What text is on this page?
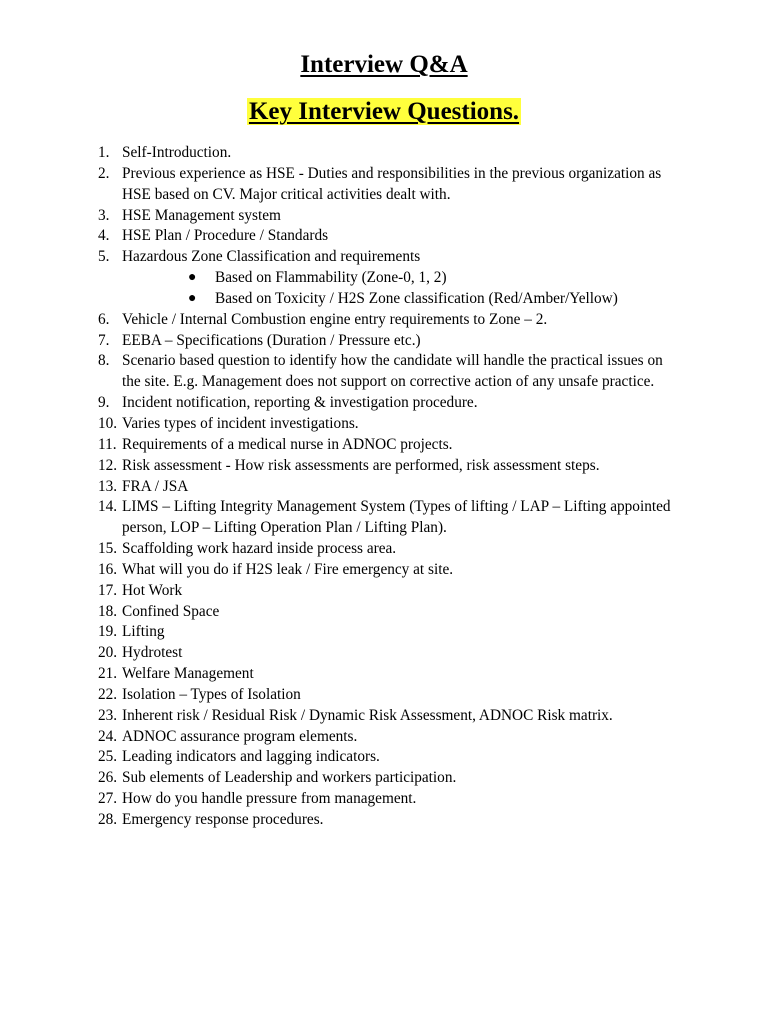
Interview Q&A
Key Interview Questions.
1. Self-Introduction.
2. Previous experience as HSE - Duties and responsibilities in the previous organization as HSE based on CV. Major critical activities dealt with.
3. HSE Management system
4. HSE Plan / Procedure / Standards
5. Hazardous Zone Classification and requirements
● Based on Flammability (Zone-0, 1, 2)
● Based on Toxicity / H2S Zone classification (Red/Amber/Yellow)
6. Vehicle / Internal Combustion engine entry requirements to Zone – 2.
7. EEBA – Specifications (Duration / Pressure etc.)
8. Scenario based question to identify how the candidate will handle the practical issues on the site. E.g. Management does not support on corrective action of any unsafe practice.
9. Incident notification, reporting & investigation procedure.
10. Varies types of incident investigations.
11. Requirements of a medical nurse in ADNOC projects.
12. Risk assessment - How risk assessments are performed, risk assessment steps.
13. FRA / JSA
14. LIMS – Lifting Integrity Management System (Types of lifting / LAP – Lifting appointed person, LOP – Lifting Operation Plan / Lifting Plan).
15. Scaffolding work hazard inside process area.
16. What will you do if H2S leak / Fire emergency at site.
17. Hot Work
18. Confined Space
19. Lifting
20. Hydrotest
21. Welfare Management
22. Isolation – Types of Isolation
23. Inherent risk / Residual Risk / Dynamic Risk Assessment, ADNOC Risk matrix.
24. ADNOC assurance program elements.
25. Leading indicators and lagging indicators.
26. Sub elements of Leadership and workers participation.
27. How do you handle pressure from management.
28. Emergency response procedures.
